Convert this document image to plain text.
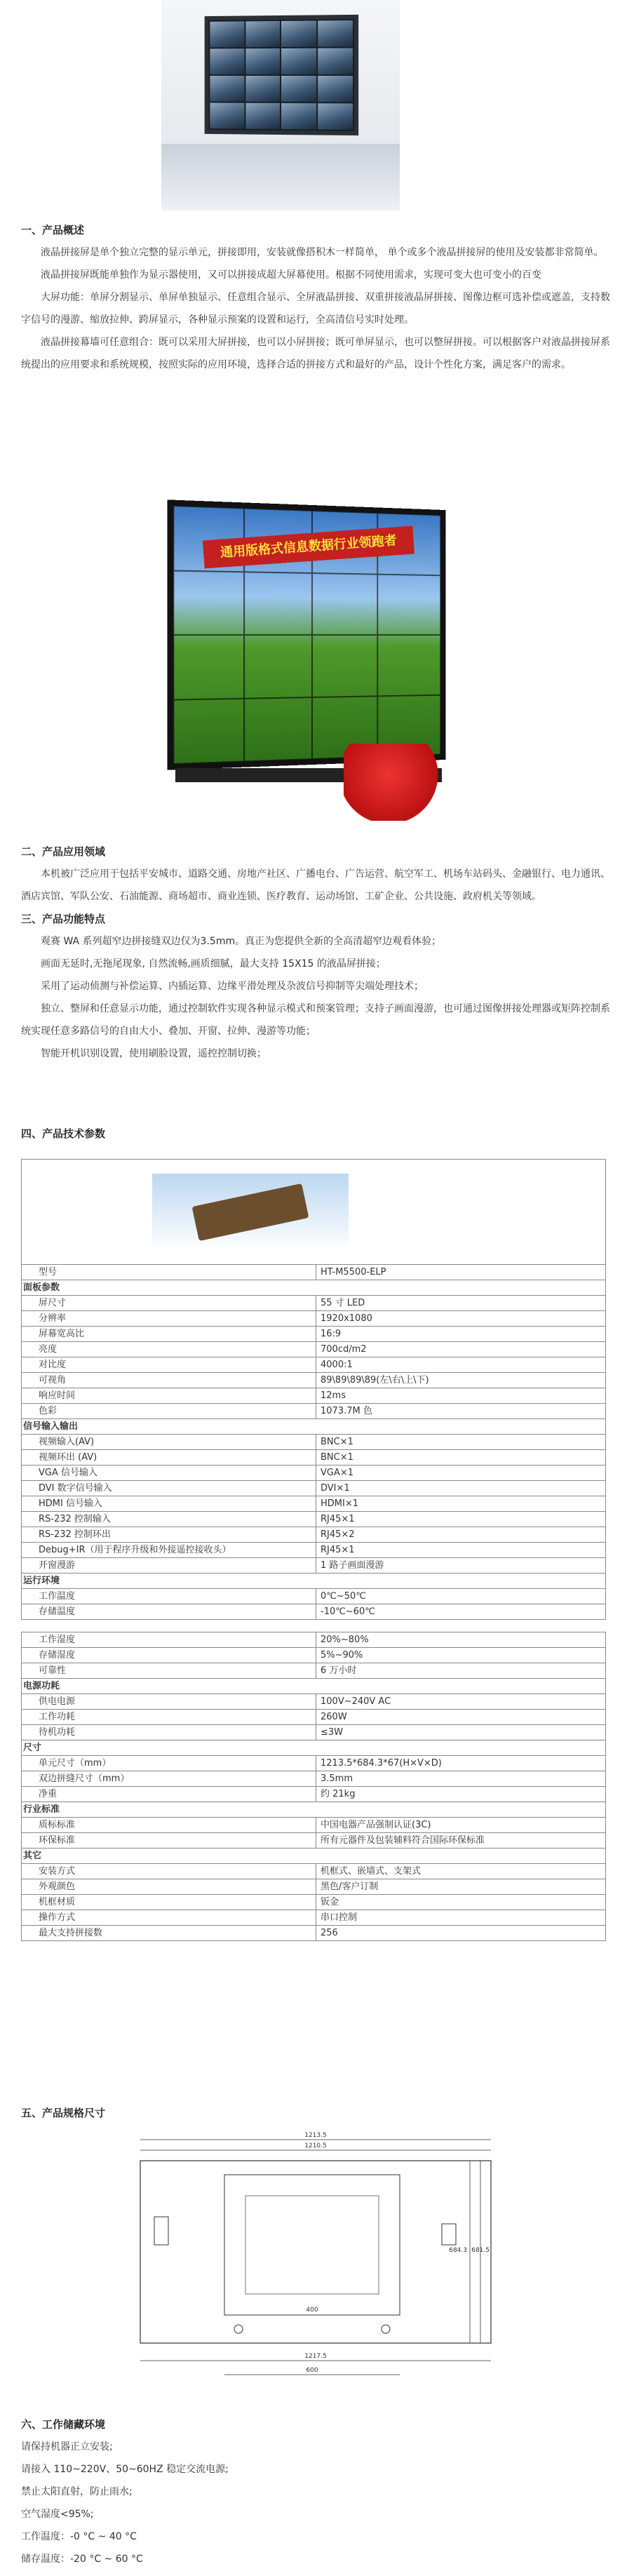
一、产品概述
液晶拼接屏是单个独立完整的显示单元，拼接即用，安装就像搭积木一样简单， 单个或多个液晶拼接屏的使用及安装都非常简单。
液晶拼接屏既能单独作为显示器使用，又可以拼接成超大屏幕使用。根据不同使用需求，实现可变大也可变小的百变
大屏功能：单屏分割显示、单屏单独显示、任意组合显示、全屏液晶拼接、双重拼接液晶屏拼接、图像边框可选补偿或遮盖，支持数字信号的漫游、缩放拉伸、跨屏显示，各种显示预案的设置和运行，全高清信号实时处理。
液晶拼接幕墙可任意组合：既可以采用大屏拼接，也可以小屏拼接；既可单屏显示，也可以整屏拼接。可以根据客户对液晶拼接屏系统提出的应用要求和系统规模，按照实际的应用环境，选择合适的拼接方式和最好的产品，设计个性化方案，满足客户的需求。
通用版格式信息数据行业领跑者
二、产品应用领域
本机被广泛应用于包括平安城市、道路交通、房地产社区、广播电台、广告运营、航空军工、机场车站码头、金融银行、电力通讯、酒店宾馆、军队公安、石油能源、商场超市、商业连锁、医疗教育、运动场馆、工矿企业、公共设施、政府机关等领域。
三、产品功能特点
观赛 WA 系列超窄边拼接缝双边仅为3.5mm。真正为您提供全新的全高清超窄边观看体验；
画面无延时,无拖尾现象, 自然流畅,画质细腻，最大支持 15X15 的液晶屏拼接；
采用了运动侦测与补偿运算、内插运算、边缘平滑处理及杂波信号抑制等尖端处理技术；
独立、整屏和任意显示功能，通过控制软件实现各种显示模式和预案管理；支持子画面漫游，也可通过图像拼接处理器或矩阵控制系统实现任意多路信号的自由大小、叠加、开窗、拉伸、漫游等功能；
智能开机识别设置，使用刷脸设置，遥控控制切换；
四、产品技术参数

型号	HT-M5500-ELP
面板参数	
屏尺寸	55 寸 LED
分辨率	1920x1080
屏幕宽高比	16:9
亮度	700cd/m2
对比度	4000:1
可视角	89\89\89\89(左\右\上\下)
响应时间	12ms
色彩	1073.7M 色
信号输入输出	
视频输入(AV)	BNC×1
视频环出 (AV)	BNC×1
VGA 信号输入	VGA×1
DVI 数字信号输入	DVI×1
HDMI 信号输入	HDMI×1
RS-232 控制输入	RJ45×1
RS-232 控制环出	RJ45×2
Debug+IR（用于程序升级和外接遥控接收头）	RJ45×1
开窗漫游	1 路子画面漫游
运行环境	
工作温度	0℃~50℃
存储温度	-10℃~60℃

工作湿度	20%~80%
存储湿度	5%~90%
可靠性	6 万小时
电源功耗	
供电电源	100V~240V AC
工作功耗	260W
待机功耗	≤3W
尺寸	
单元尺寸（mm）	1213.5*684.3*67(H×V×D)
双边拼缝尺寸（mm）	3.5mm
净重	约 21kg
行业标准	
质标标准	中国电器产品强制认证(3C)
环保标准	所有元器件及包装辅料符合国际环保标准
其它	
安装方式	机框式、嵌墙式、支架式
外观颜色	黑色/客户订制
机框材质	钣金
操作方式	串口控制
最大支持拼接数	256
五、产品规格尺寸
1213.5
1210.5
1217.5
600
684.3 681.5
400
六、工作储藏环境
请保持机器正立安装;
请接入 110~220V、50~60HZ 稳定交流电源;
禁止太阳直射，防止雨水;
空气湿度<95%;
工作温度：-0 °C ~ 40 °C
储存温度：-20 °C ~ 60 °C
